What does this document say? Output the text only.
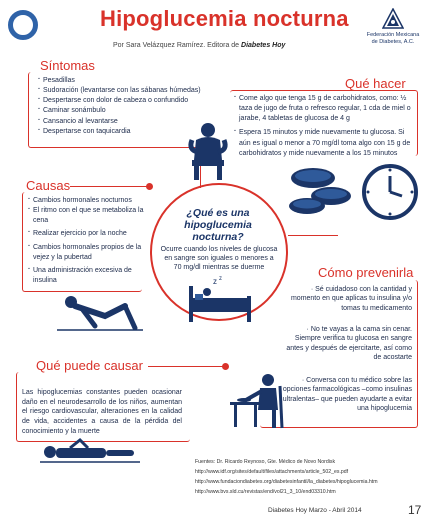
Hipoglucemia nocturna
Por Sara Velázquez Ramírez. Editora de Diabetes Hoy
Federación Mexicana
de Diabetes, A.C.
Síntomas
· Pesadillas
· Sudoración (levantarse con las sábanas húmedas)
· Despertarse con dolor de cabeza o confundido
· Caminar sonámbulo
· Cansancio al levantarse
· Despertarse con taquicardia
Qué hacer
· Come algo que tenga 15 g de carbohidratos, como: ½ taza de jugo de fruta o refresco regular, 1 cda de miel o jarabe, 4 tabletas de glucosa de 4 g
· Espera 15 minutos y mide nuevamente tu glucosa. Si aún es igual o menor a 70 mg/dl toma algo con 15 g de carbohidratos y mide nuevamente a los 15 minutos
Causas
· Cambios hormonales nocturnos
· El ritmo con el que se metaboliza la cena
· Realizar ejercicio por la noche
· Cambios hormonales propios de la vejez y la pubertad
· Una administración excesiva de insulina
¿Qué es una hipoglucemia nocturna?
Ocurre cuando los niveles de glucosa en sangre son iguales o menores a 70 mg/dl mientras se duerme
z z	Cómo prevenirla
· Sé cuidadoso con la cantidad y momento en que aplicas tu insulina y/o tomas tu medicamento
· No te vayas a la cama sin cenar. Siempre verifica tu glucosa en sangre antes y después de ejercitarte, así como de acostarte
· Conversa con tu médico sobre las opciones farmacológicas –como insulinas ultralentas– que pueden ayudarte a evitar una hipoglucemia
Qué puede causar
Las hipoglucemias constantes pueden ocasionar daño en el neurodesarrollo de los niños, aumentan el riesgo cardiovascular, alteraciones en la calidad de vida, accidentes a causa de la pérdida del conocimiento y la muerte
Fuentes: Dr. Ricardo Reynoso, Gte. Médico de Novo Nordisk
http://www.idf.org/sites/default/files/attachments/article_502_es.pdf
http://www.fundaciondiabetes.org/diabetesinfantil/la_diabetes/hipoglucemia.htm
http://www.bvs.sld.cu/revistas/end/vol21_3_10/end03310.htm
Diabetes Hoy Marzo - Abril 2014	17
